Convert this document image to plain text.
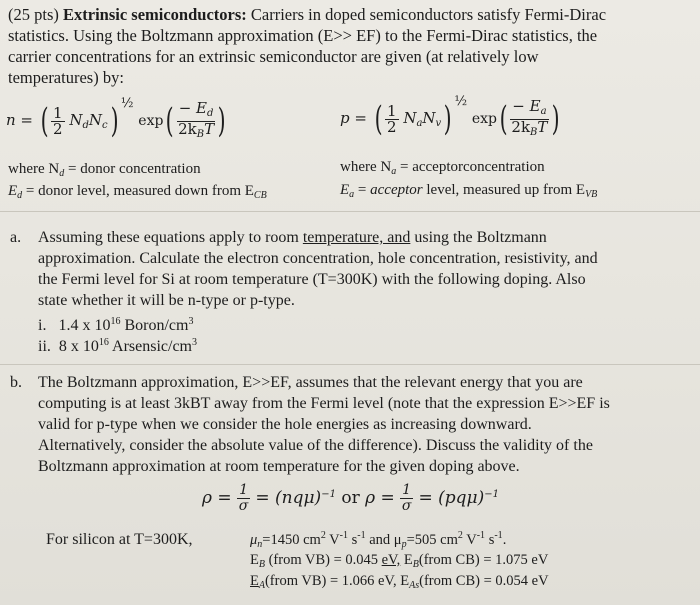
(25 pts) Extrinsic semiconductors: Carriers in doped semiconductors satisfy Fermi-Dirac
statistics. Using the Boltzmann approximation (E>> EF) to the Fermi-Dirac statistics, the
carrier concentrations for an extrinsic semiconductor are given (at relatively low
temperatures) by:
n = ( $\frac{1}{2} N_dN_c$) ½ $\exp( \frac{- E_d}{2k_BT}$ )	p = ( $\frac{1}{2} N_aN_v$) ½ $\exp( \frac{- E_a}{2k_BT}$ )
where $N_d$ = donor concentration
$E_d$ = donor level, measured down from $E_{CB}$
where $N_a$ = acceptorconcentration
$E_a$ = acceptor level, measured up from $E_{VB}$
a. Assuming these equations apply to room temperature, and using the Boltzmann
approximation. Calculate the electron concentration, hole concentration, resistivity, and
the Fermi level for Si at room temperature (T=300K) with the following doping. Also
state whether it will be n-type or p-type.
i. 1.4 x $10^{16}$ Boron/$cm^3$
ii. 8 x $10^{16}$ Arsensic/$cm^3$
b. The Boltzmann approximation, E>>EF, assumes that the relevant energy that you are
computing is at least 3kBT away from the Fermi level (note that the expression E>>EF is
valid for p-type when we consider the hole energies as increasing downward.
Alternatively, consider the absolute value of the difference). Discuss the validity of the
Boltzmann approximation at room temperature for the given doping above.
$\rho = \frac{1}{\sigma} = (nq\mu)^{-1}$ or $\rho = \frac{1}{\sigma} = (pq\mu)^{-1}$
For silicon at T=300K,	$\mu_n=1450$ $cm^2$ $V^{-1}$ $s^{-1}$ and $\mu_p=505$ $cm^2$ $V^{-1}$ $s^{-1}$.
$E_B$ (from VB) = 0.045 eV, $E_B(from$ CB) = 1.075 eV
$E_A(from$ VB) = 1.066 eV, $E_{As}(from$ CB) = 0.054 eV
